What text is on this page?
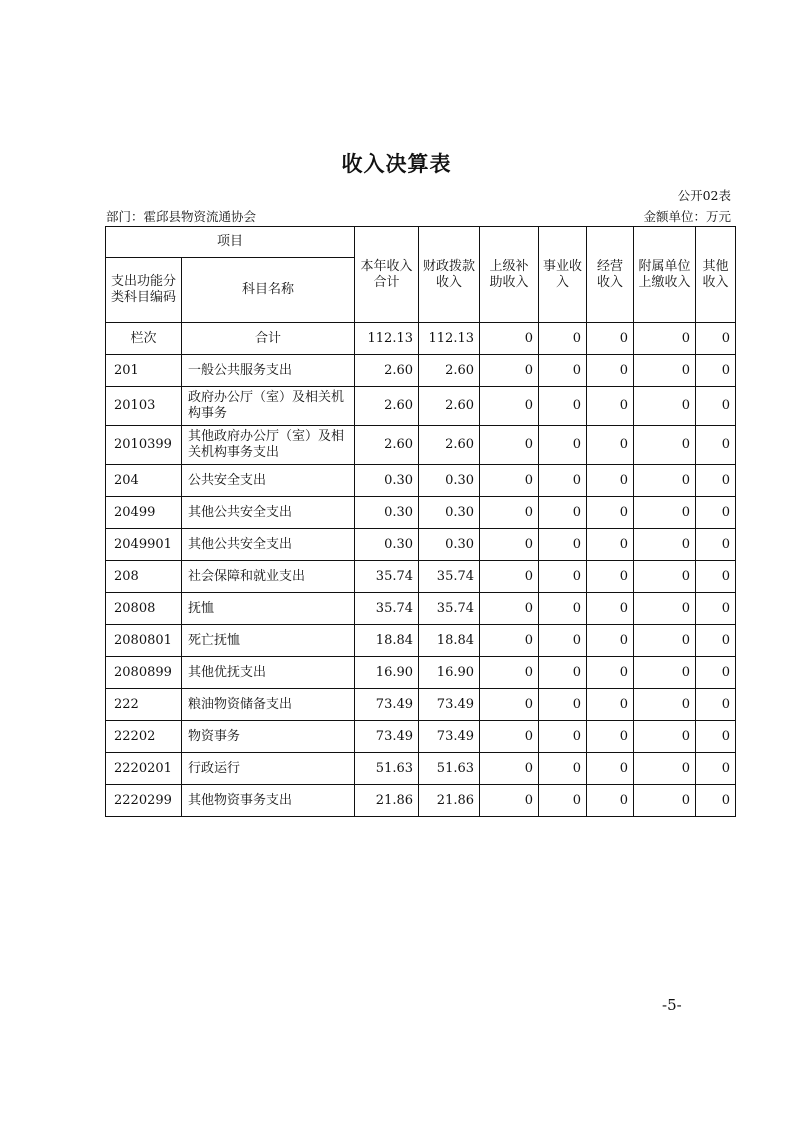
收入决算表
公开02表
部门：霍邱县物资流通协会	金额单位：万元
项目		本年收入合计	财政拨款收入	上级补助收入	事业收入	经营收入	附属单位上缴收入	其他收入
支出功能分类科目编码	科目名称							
栏次	合计	112.13	112.13	0	0	0	0	0
201	一般公共服务支出	2.60	2.60	0	0	0	0	0
20103	政府办公厅（室）及相关机构事务	2.60	2.60	0	0	0	0	0
2010399	其他政府办公厅（室）及相关机构事务支出	2.60	2.60	0	0	0	0	0
204	公共安全支出	0.30	0.30	0	0	0	0	0
20499	其他公共安全支出	0.30	0.30	0	0	0	0	0
2049901	其他公共安全支出	0.30	0.30	0	0	0	0	0
208	社会保障和就业支出	35.74	35.74	0	0	0	0	0
20808	抚恤	35.74	35.74	0	0	0	0	0
2080801	死亡抚恤	18.84	18.84	0	0	0	0	0
2080899	其他优抚支出	16.90	16.90	0	0	0	0	0
222	粮油物资储备支出	73.49	73.49	0	0	0	0	0
22202	物资事务	73.49	73.49	0	0	0	0	0
2220201	行政运行	51.63	51.63	0	0	0	0	0
2220299	其他物资事务支出	21.86	21.86	0	0	0	0	0
-5-
